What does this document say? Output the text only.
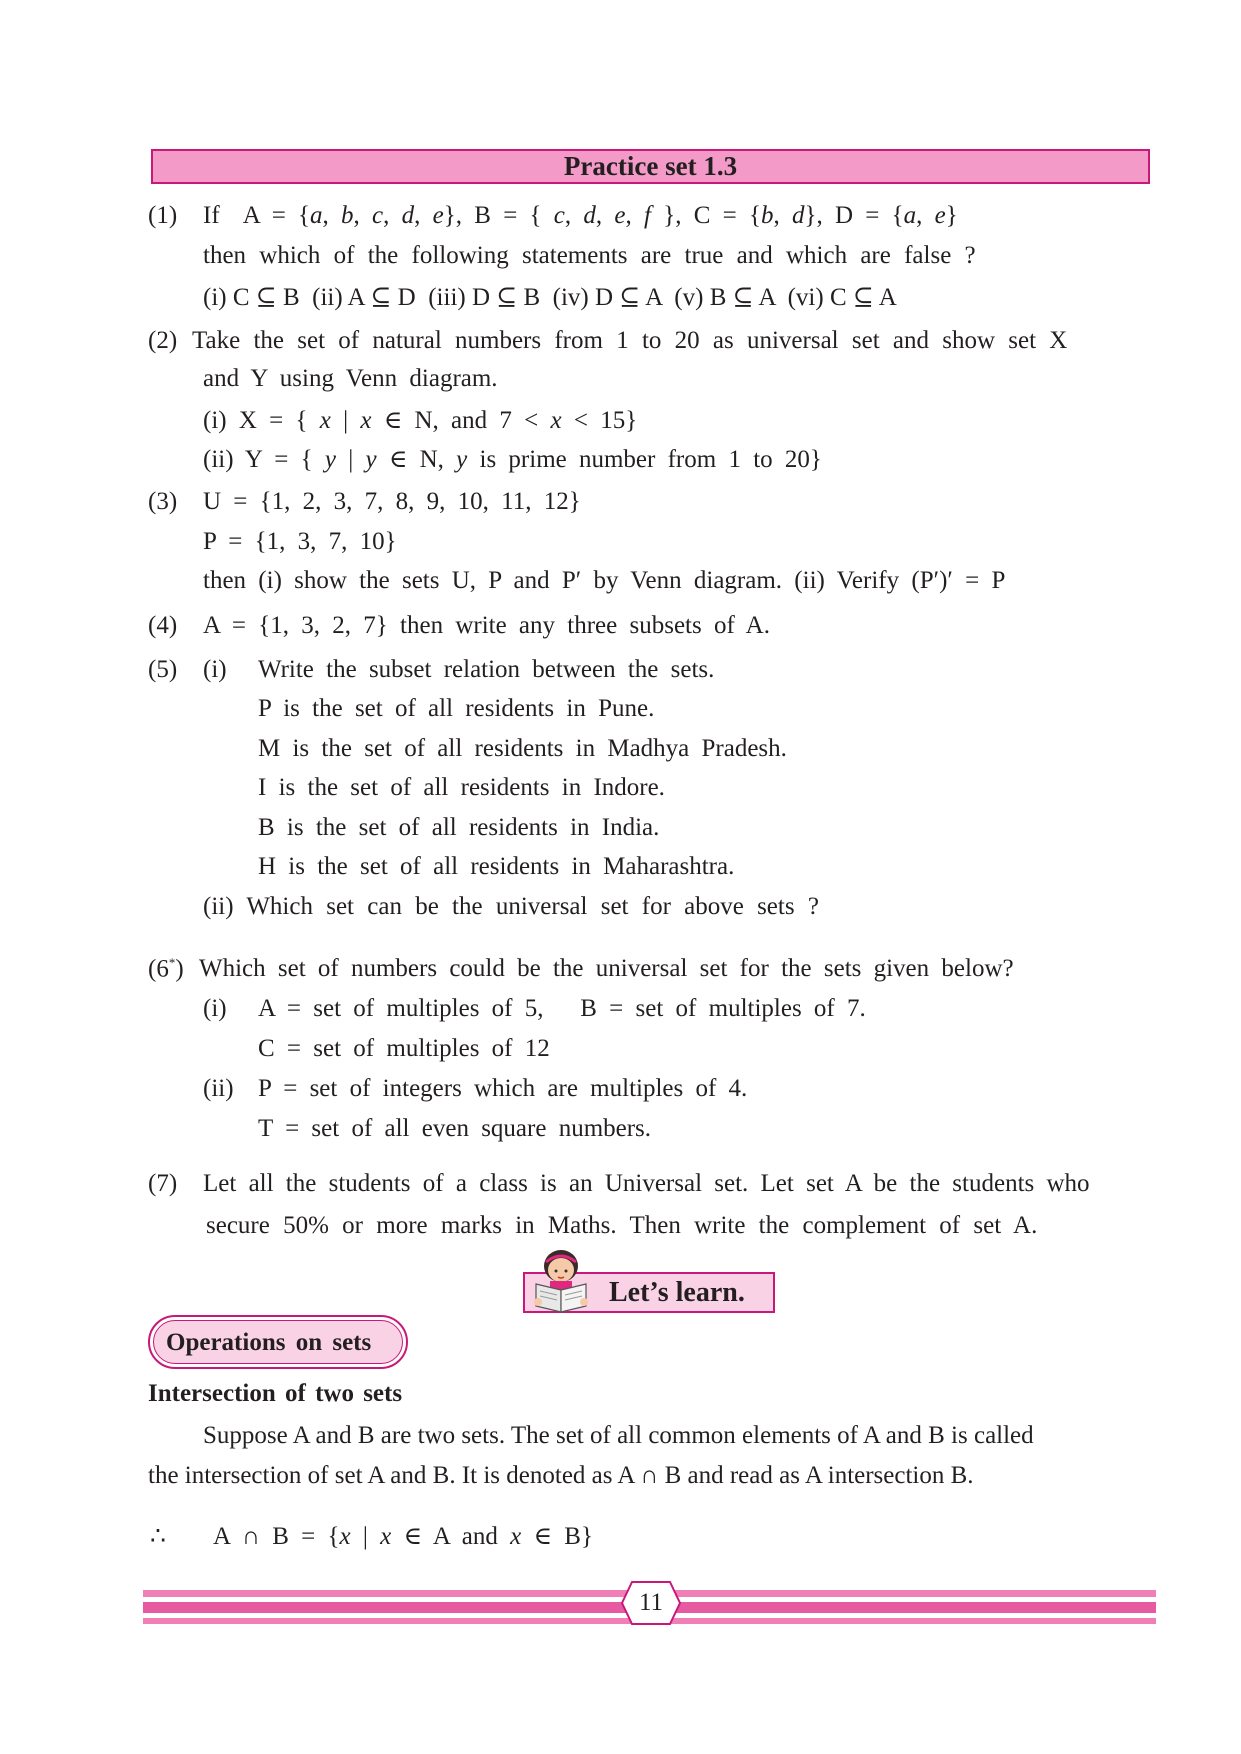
Practice set 1.3
(1) If  A = {a, b, c, d, e}, B = { c, d, e, f }, C = {b, d}, D = {a, e}
then which of the following statements are true and which are false ?
(i) C ⊆ B  (ii) A ⊆ D  (iii) D ⊆ B  (iv) D ⊆ A  (v) B ⊆ A  (vi) C ⊆ A
(2) Take the set of natural numbers from 1 to 20 as universal set and show set X
and Y using Venn diagram.
(i) X = { x | x ∈ N, and 7 < x < 15}
(ii) Y = { y | y ∈ N, y is prime number from 1 to 20}
(3) U = {1, 2, 3, 7, 8, 9, 10, 11, 12}
P = {1, 3, 7, 10}
then (i) show the sets U, P and P′ by Venn diagram. (ii) Verify (P′)′ = P
(4) A = {1, 3, 2, 7} then write any three subsets of A.
(5) (i) Write the subset relation between the sets.
P is the set of all residents in Pune.
M is the set of all residents in Madhya Pradesh.
I is the set of all residents in Indore.
B is the set of all residents in India.
H is the set of all residents in Maharashtra.
(ii) Which set can be the universal set for above sets ?
(6*) Which set of numbers could be the universal set for the sets given below?
(i) A = set of multiples of 5,   B = set of multiples of 7.
C = set of multiples of 12
(ii) P = set of integers which are multiples of 4.
T = set of all even square numbers.
(7) Let all the students of a class is an Universal set. Let set A be the students who
secure 50% or more marks in Maths. Then write the complement of set A.
Let’s learn.
Operations on sets
Intersection of two sets
Suppose A and B are two sets. The set of all common elements of A and B is called
the intersection of set A and B. It is denoted as A ∩ B and read as A intersection B.
∴ A ∩ B = {x | x ∈ A and x ∈ B}
11
